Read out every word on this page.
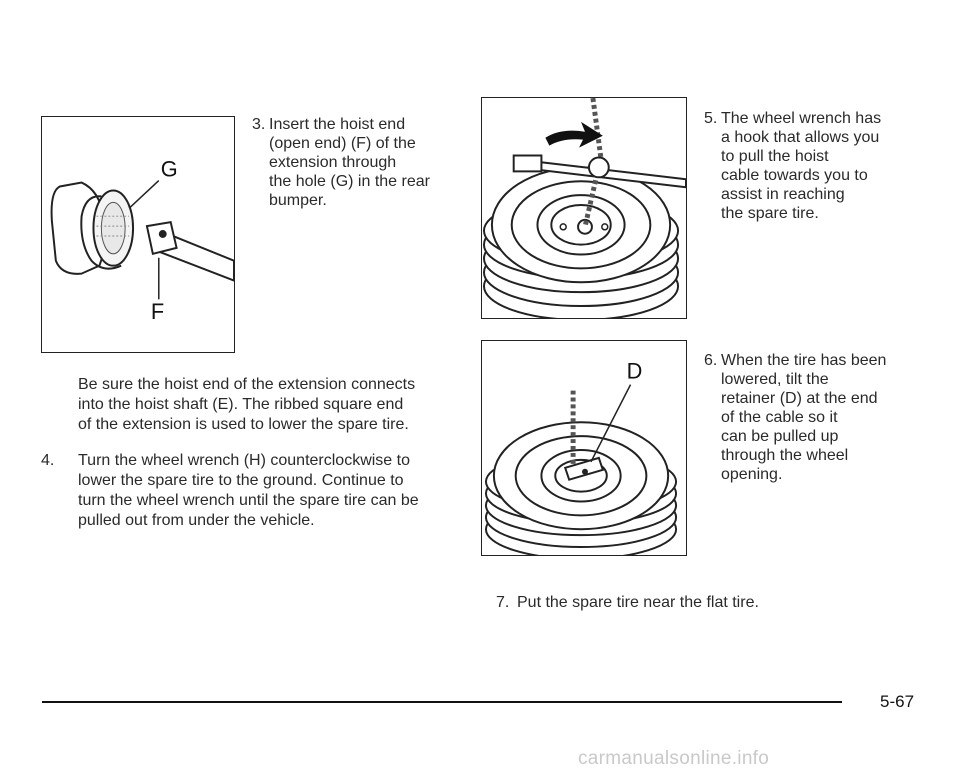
G
F
3. Insert the hoist end
(open end) (F) of the
extension through
the hole (G) in the rear
bumper.
5. The wheel wrench has
a hook that allows you
to pull the hoist
cable towards you to
assist in reaching
the spare tire.
Be sure the hoist end of the extension connects
into the hoist shaft (E). The ribbed square end
of the extension is used to lower the spare tire.
4. Turn the wheel wrench (H) counterclockwise to
lower the spare tire to the ground. Continue to
turn the wheel wrench until the spare tire can be
pulled out from under the vehicle.
D	6. When the tire has been
lowered, tilt the
retainer (D) at the end
of the cable so it
can be pulled up
through the wheel
opening.
7. Put the spare tire near the flat tire.
5-67
carmanualsonline.info
